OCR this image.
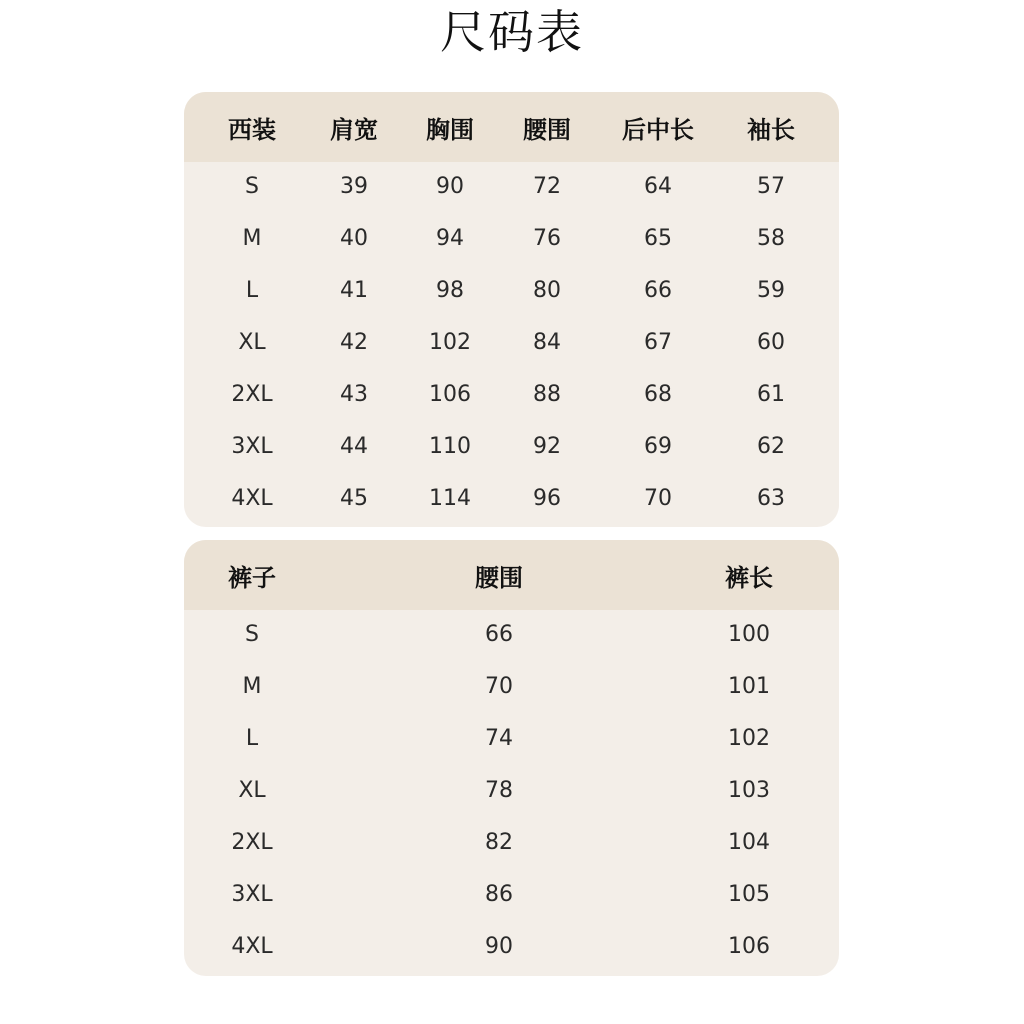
尺码表
西装 肩宽 胸围 腰围 后中长 袖长
S	39	90	72	64	57
M	40	94	76	65	58
L	41	98	80	66	59
XL	42	102	84	67	60
2XL	43	106	88	68	61
3XL	44	110	92	69	62
4XL	45	114	96	70	63
裤子	腰围	裤长
S	66	100
M	70	101
L	74	102
XL	78	103
2XL	82	104
3XL	86	105
4XL	90	106
